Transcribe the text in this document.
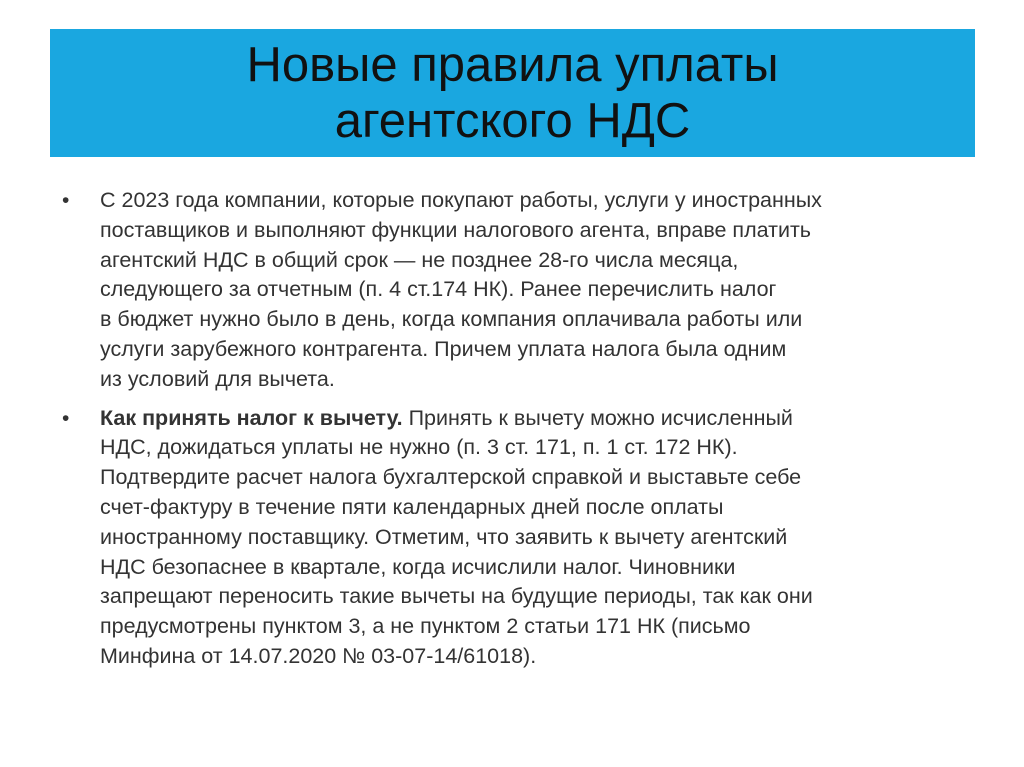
Новые правила уплаты
агентского НДС
• С 2023 года компании, которые покупают работы, услуги у иностранных
поставщиков и выполняют функции налогового агента, вправе платить
агентский НДС в общий срок — не позднее 28-го числа месяца,
следующего за отчетным (п. 4 ст.174 НК). Ранее перечислить налог
в бюджет нужно было в день, когда компания оплачивала работы или
услуги зарубежного контрагента. Причем уплата налога была одним
из условий для вычета.
• Как принять налог к вычету. Принять к вычету можно исчисленный
НДС, дожидаться уплаты не нужно (п. 3 ст. 171, п. 1 ст. 172 НК).
Подтвердите расчет налога бухгалтерской справкой и выставьте себе
счет-фактуру в течение пяти календарных дней после оплаты
иностранному поставщику. Отметим, что заявить к вычету агентский
НДС безопаснее в квартале, когда исчислили налог. Чиновники
запрещают переносить такие вычеты на будущие периоды, так как они
предусмотрены пунктом 3, а не пунктом 2 статьи 171 НК (письмо
Минфина от 14.07.2020 № 03-07-14/61018).
